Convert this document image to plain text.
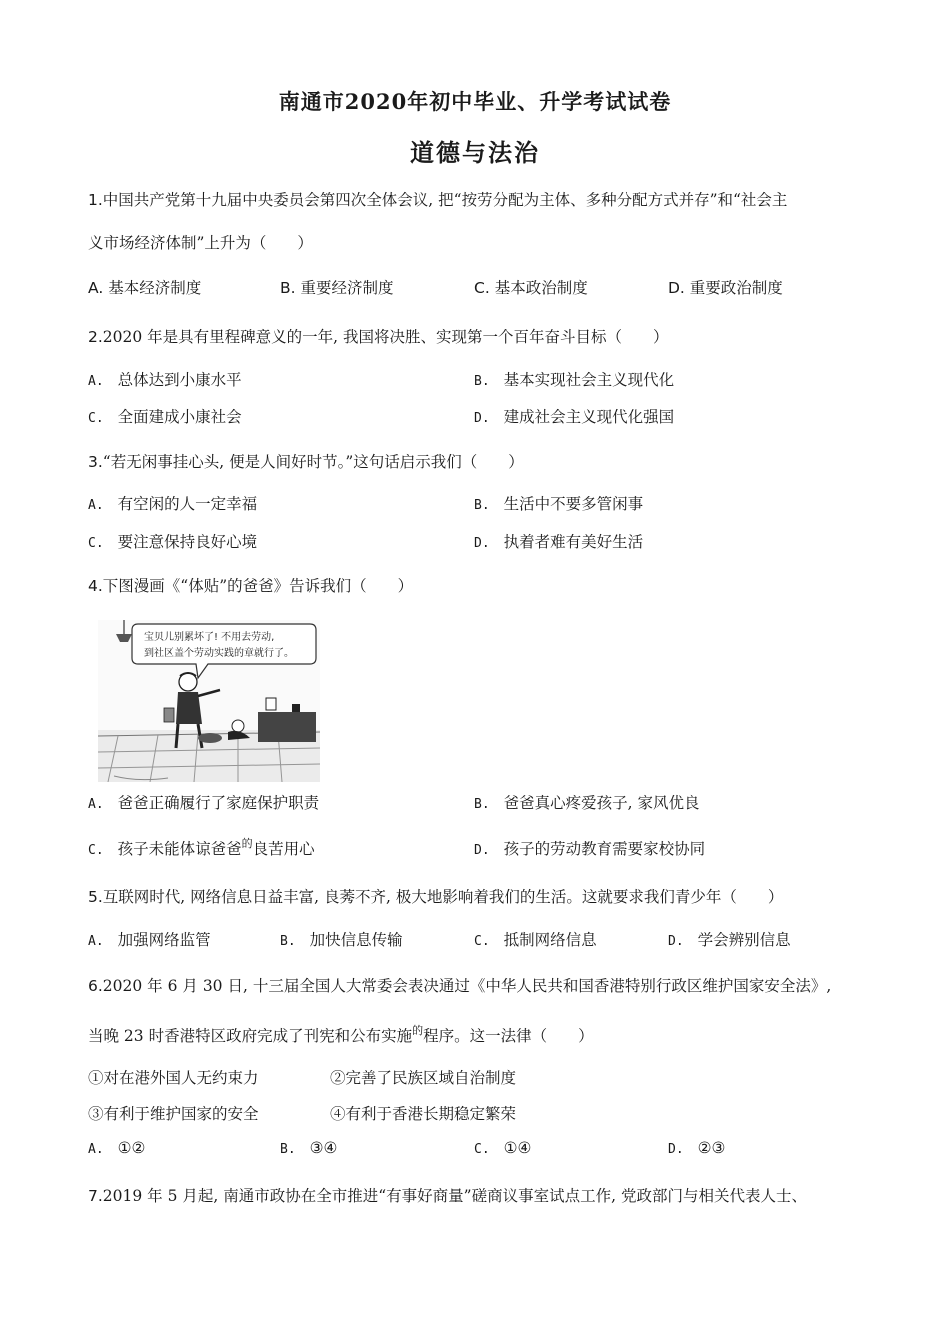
南通市2020年初中毕业、升学考试试卷
道德与法治
1.中国共产党第十九届中央委员会第四次全体会议, 把“按劳分配为主体、多种分配方式并存”和“社会主
义市场经济体制”上升为（　　）
A. 基本经济制度	B. 重要经济制度	C. 基本政治制度	D. 重要政治制度
2.2020 年是具有里程碑意义的一年, 我国将决胜、实现第一个百年奋斗目标（　　）
A. 总体达到小康水平	B. 基本实现社会主义现代化
C. 全面建成小康社会	D. 建成社会主义现代化强国
3.“若无闲事挂心头, 便是人间好时节。”这句话启示我们（　　）
A. 有空闲的人一定幸福	B. 生活中不要多管闲事
C. 要注意保持良好心境	D. 执着者难有美好生活
4.下图漫画《“体贴”的爸爸》告诉我们（　　）
宝贝儿别累坏了! 不用去劳动,
到社区盖个劳动实践的章就行了。
A. 爸爸正确履行了家庭保护职责	B. 爸爸真心疼爱孩子, 家风优良
C. 孩子未能体谅爸爸$^的$良苦用心	D. 孩子的劳动教育需要家校协同
5.互联网时代, 网络信息日益丰富, 良莠不齐, 极大地影响着我们的生活。这就要求我们青少年（　　）
A. 加强网络监管	B. 加快信息传输	C. 抵制网络信息	D. 学会辨别信息
6.2020 年 6 月 30 日, 十三届全国人大常委会表决通过《中华人民共和国香港特别行政区维护国家安全法》,
当晚 23 时香港特区政府完成了刊宪和公布实施$^的$程序。这一法律（　　）
①对在港外国人无约束力	②完善了民族区域自治制度
③有利于维护国家的安全	④有利于香港长期稳定繁荣
A. ①②	B. ③④	C. ①④	D. ②③
7.2019 年 5 月起, 南通市政协在全市推进“有事好商量”磋商议事室试点工作, 党政部门与相关代表人士、
